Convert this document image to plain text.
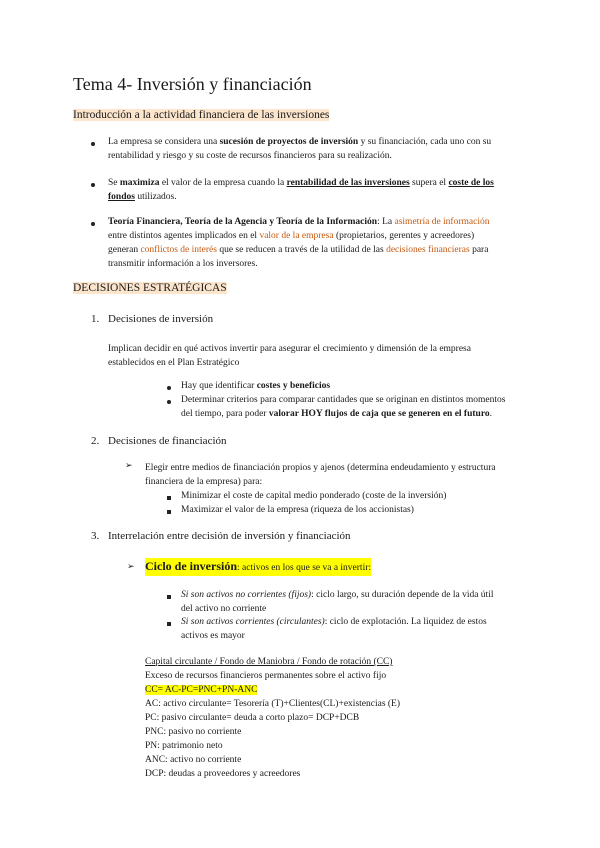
Tema 4- Inversión y financiación
Introducción a la actividad financiera de las inversiones
La empresa se considera una sucesión de proyectos de inversión y su financiación, cada uno con su
rentabilidad y riesgo y su coste de recursos financieros para su realización.
Se maximiza el valor de la empresa cuando la rentabilidad de las inversiones supera el coste de los
fondos utilizados.
Teoría Financiera, Teoría de la Agencia y Teoría de la Información: La asimetría de información
entre distintos agentes implicados en el valor de la empresa (propietarios, gerentes y acreedores)
generan conflictos de interés que se reducen a través de la utilidad de las decisiones financieras para
transmitir información a los inversores.
DECISIONES ESTRATÉGICAS
1. Decisiones de inversión
Implican decidir en qué activos invertir para asegurar el crecimiento y dimensión de la empresa
establecidos en el Plan Estratégico
Hay que identificar costes y beneficios
Determinar criterios para comparar cantidades que se originan en distintos momentos
del tiempo, para poder valorar HOY flujos de caja que se generen en el futuro.
2. Decisiones de financiación
➢ Elegir entre medios de financiación propios y ajenos (determina endeudamiento y estructura
financiera de la empresa) para:
Minimizar el coste de capital medio ponderado (coste de la inversión)
Maximizar el valor de la empresa (riqueza de los accionistas)
3. Interrelación entre decisión de inversión y financiación
➢ Ciclo de inversión: activos en los que se va a invertir:
Si son activos no corrientes (fijos): ciclo largo, su duración depende de la vida útil
del activo no corriente
Si son activos corrientes (circulantes): ciclo de explotación. La liquidez de estos
activos es mayor
Capital circulante / Fondo de Maniobra / Fondo de rotación (CC)
Exceso de recursos financieros permanentes sobre el activo fijo
CC= AC-PC=PNC+PN-ANC
AC: activo circulante= Tesorería (T)+Clientes(CL)+existencias (E)
PC: pasivo circulante= deuda a corto plazo= DCP+DCB
PNC: pasivo no corriente
PN: patrimonio neto
ANC: activo no corriente
DCP: deudas a proveedores y acreedores
